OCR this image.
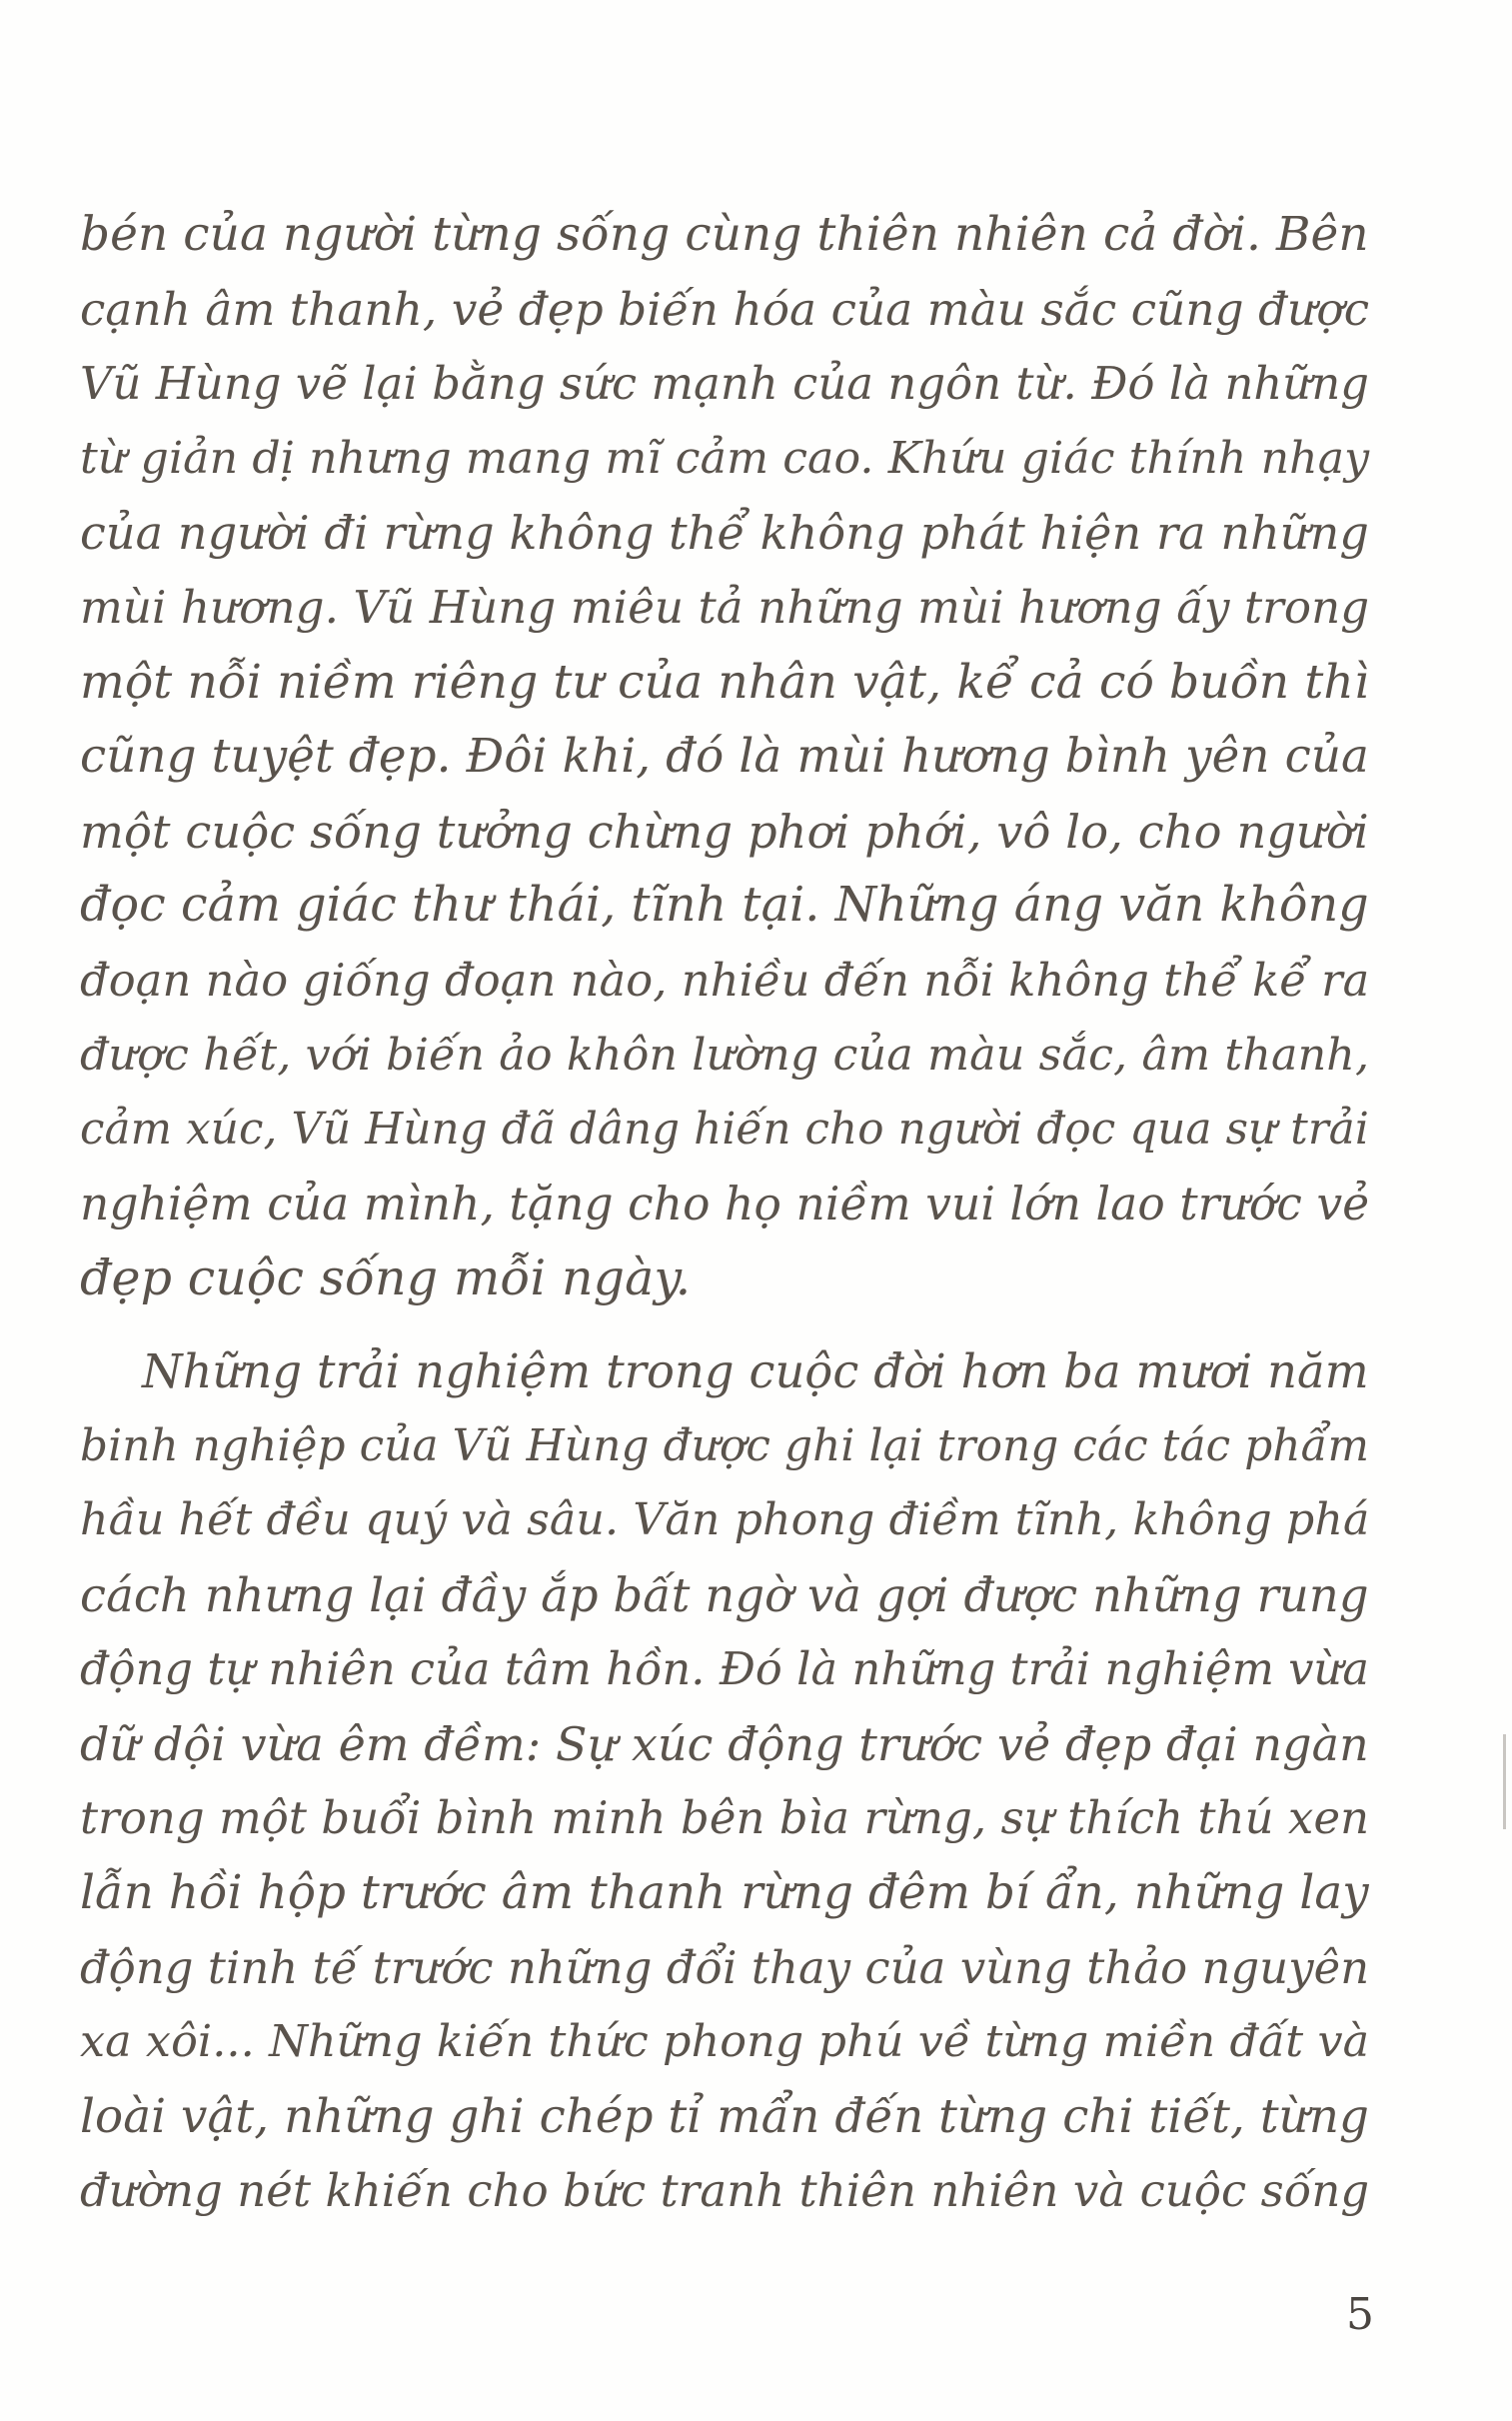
bén của người từng sống cùng thiên nhiên cả đời. Bên
cạnh âm thanh, vẻ đẹp biến hóa của màu sắc cũng được
Vũ Hùng vẽ lại bằng sức mạnh của ngôn từ. Đó là những
từ giản dị nhưng mang mĩ cảm cao. Khứu giác thính nhạy
của người đi rừng không thể không phát hiện ra những
mùi hương. Vũ Hùng miêu tả những mùi hương ấy trong
một nỗi niềm riêng tư của nhân vật, kể cả có buồn thì
cũng tuyệt đẹp. Đôi khi, đó là mùi hương bình yên của
một cuộc sống tưởng chừng phơi phới, vô lo, cho người
đọc cảm giác thư thái, tĩnh tại. Những áng văn không
đoạn nào giống đoạn nào, nhiều đến nỗi không thể kể ra
được hết, với biến ảo khôn lường của màu sắc, âm thanh,
cảm xúc, Vũ Hùng đã dâng hiến cho người đọc qua sự trải
nghiệm của mình, tặng cho họ niềm vui lớn lao trước vẻ
đẹp cuộc sống mỗi ngày.
Những trải nghiệm trong cuộc đời hơn ba mươi năm
binh nghiệp của Vũ Hùng được ghi lại trong các tác phẩm
hầu hết đều quý và sâu. Văn phong điềm tĩnh, không phá
cách nhưng lại đầy ắp bất ngờ và gợi được những rung
động tự nhiên của tâm hồn. Đó là những trải nghiệm vừa
dữ dội vừa êm đềm: Sự xúc động trước vẻ đẹp đại ngàn
trong một buổi bình minh bên bìa rừng, sự thích thú xen
lẫn hồi hộp trước âm thanh rừng đêm bí ẩn, những lay
động tinh tế trước những đổi thay của vùng thảo nguyên
xa xôi... Những kiến thức phong phú về từng miền đất và
loài vật, những ghi chép tỉ mẩn đến từng chi tiết, từng
đường nét khiến cho bức tranh thiên nhiên và cuộc sống
5
